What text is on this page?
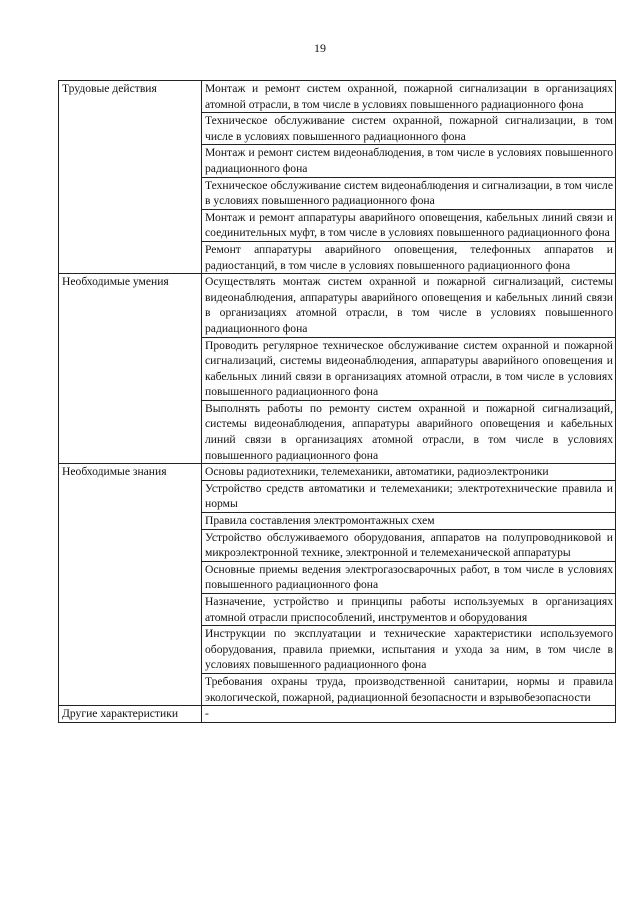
19
Трудовые действия	Монтаж и ремонт систем охранной, пожарной сигнализации в организациях атомной отрасли, в том числе в условиях повышенного радиационного фона
	Техническое обслуживание систем охранной, пожарной сигнализации, в том числе в условиях повышенного радиационного фона
	Монтаж и ремонт систем видеонаблюдения, в том числе в условиях повышенного радиационного фона
	Техническое обслуживание систем видеонаблюдения и сигнализации, в том числе в условиях повышенного радиационного фона
	Монтаж и ремонт аппаратуры аварийного оповещения, кабельных линий связи и соединительных муфт, в том числе в условиях повышенного радиационного фона
	Ремонт аппаратуры аварийного оповещения, телефонных аппаратов и радиостанций, в том числе в условиях повышенного радиационного фона
Необходимые умения	Осуществлять монтаж систем охранной и пожарной сигнализаций, системы видеонаблюдения, аппаратуры аварийного оповещения и кабельных линий связи в организациях атомной отрасли, в том числе в условиях повышенного радиационного фона
	Проводить регулярное техническое обслуживание систем охранной и пожарной сигнализаций, системы видеонаблюдения, аппаратуры аварийного оповещения и кабельных линий связи в организациях атомной отрасли, в том числе в условиях повышенного радиационного фона
	Выполнять работы по ремонту систем охранной и пожарной сигнализаций, системы видеонаблюдения, аппаратуры аварийного оповещения и кабельных линий связи в организациях атомной отрасли, в том числе в условиях повышенного радиационного фона
Необходимые знания	Основы радиотехники, телемеханики, автоматики, радиоэлектроники
	Устройство средств автоматики и телемеханики; электротехнические правила и нормы
	Правила составления электромонтажных схем
	Устройство обслуживаемого оборудования, аппаратов на полупроводниковой и микроэлектронной технике, электронной и телемеханической аппаратуры
	Основные приемы ведения электрогазосварочных работ, в том числе в условиях повышенного радиационного фона
	Назначение, устройство и принципы работы используемых в организациях атомной отрасли приспособлений, инструментов и оборудования
	Инструкции по эксплуатации и технические характеристики используемого оборудования, правила приемки, испытания и ухода за ним, в том числе в условиях повышенного радиационного фона
	Требования охраны труда, производственной санитарии, нормы и правила экологической, пожарной, радиационной безопасности и взрывобезопасности
Другие характеристики	-
